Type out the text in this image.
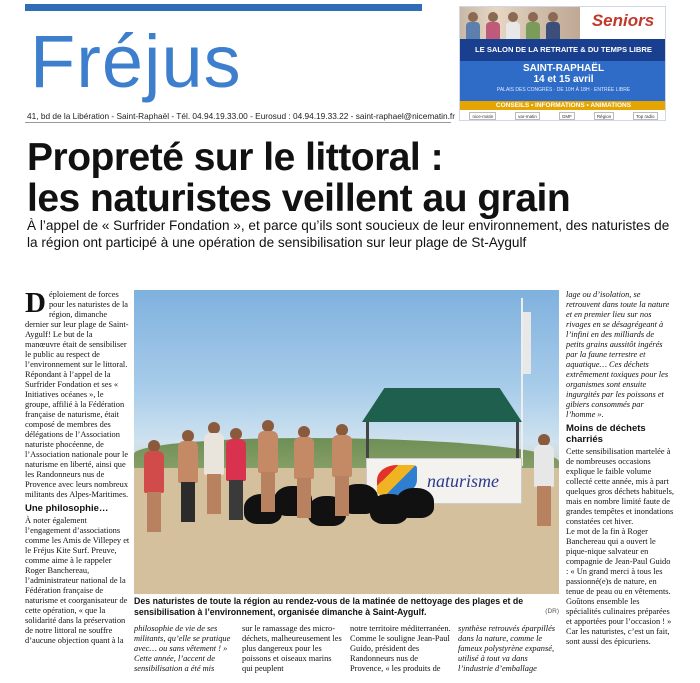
Fréjus
41, bd de la Libération - Saint-Raphaël - Tél. 04.94.19.33.00 - Eurosud : 04.94.19.33.22 - saint-raphael@nicematin.fr
Seniors
LE SALON DE LA RETRAITE & DU TEMPS LIBRE
SAINT-RAPHAËL
14 et 15 avril
PALAIS DES CONGRÈS · DE 10H À 18H · ENTRÉE LIBRE
CONSEILS • INFORMATIONS • ANIMATIONS
nice-matin	var-matin	GMF	Région	Top radio
Propreté sur le littoral :
les naturistes veillent au grain
À l’appel de « Surfrider Fondation », et parce qu’ils sont soucieux de leur environnement, des naturistes de la région ont participé à une opération de sensibilisation sur leur plage de St-Aygulf

Déploiement de forces pour les naturistes de la région, dimanche dernier sur leur plage de Saint-Aygulf! Le but de la manœuvre était de sensibiliser le public au respect de l’environnement sur le littoral.

Répondant à l’appel de la Surfrider Fondation et ses « Initiatives océanes », le groupe, affilié à la Fédération française de naturisme, était composé de membres des délégations de l’Association naturiste phocéenne, de l’Association nationale pour le naturisme en liberté, ainsi que les Randonneurs nus de Provence avec leurs nombreux militants des Alpes-Maritimes.

Une philosophie…

À noter également l’engagement d’associations comme les Amis de Villepey et le Fréjus Kite Surf. Preuve, comme aime à le rappeler Roger Banchereau, l’administrateur national de la Fédération française de naturisme et coorganisateur de cette opération, « que la solidarité dans la préservation de notre littoral ne souffre d’aucune objection quant à la

naturisme
Des naturistes de toute la région au rendez-vous de la matinée de nettoyage des plages et de sensibilisation à l’environnement, organisée dimanche à Saint-Aygulf.	(DR)
philosophie de vie de ses militants, qu’elle se pratique avec… ou sans vêtement ! » Cette année, l’accent de sensibilisation a été mis
sur le ramassage des micro-déchets, malheureusement les plus dangereux pour les poissons et oiseaux marins qui peuplent
notre territoire méditerranéen. Comme le souligne Jean-Paul Guido, président des Randonneurs nus de Provence, « les produits de
synthèse retrouvés éparpillés dans la nature, comme le fameux polystyrène expansé, utilisé à tout va dans l’industrie d’emballage

lage ou d’isolation, se retrouvent dans toute la nature et en premier lieu sur nos rivages en se désagrégeant à l’infini en des milliards de petits grains aussitôt ingérés par la faune terrestre et aquatique… Ces déchets extrêmement toxiques pour les organismes sont ensuite ingurgités par les poissons et gibiers consommés par l’homme ».

Moins de déchets charriés

Cette sensibilisation martelée à de nombreuses occasions explique le faible volume collecté cette année, mis à part quelques gros déchets habituels, mais en nombre limité faute de grandes tempêtes et inondations constatées cet hiver.

Le mot de la fin à Roger Banchereau qui a ouvert le pique-nique salvateur en compagnie de Jean-Paul Guido : « Un grand merci à tous les passionné(e)s de nature, en tenue de peau ou en vêtements. Goûtons ensemble les spécialités culinaires préparées et apportées pour l’occasion ! »

Car les naturistes, c’est un fait, sont aussi des épicuriens.
